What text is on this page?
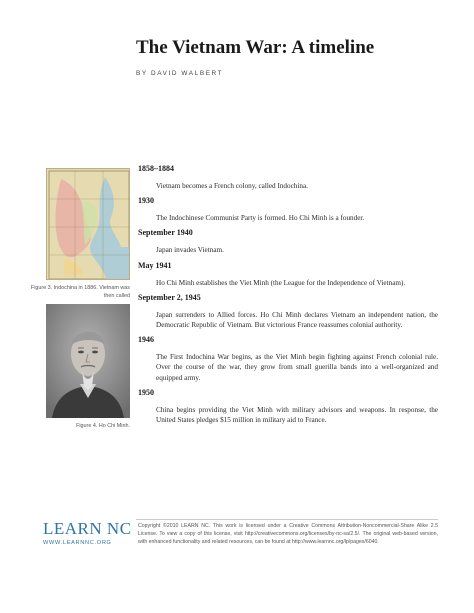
The Vietnam War: A timeline
BY DAVID WALBERT
Figure 3. Indochina in 1886. Vietnam was then called
Figure 4. Ho Chi Minh.
1858–1884
Vietnam becomes a French colony, called Indochina.
1930
The Indochinese Communist Party is formed. Ho Chi Minh is a founder.
September 1940
Japan invades Vietnam.
May 1941
Ho Chi Minh establishes the Viet Minh (the League for the Independence of Vietnam).
September 2, 1945
Japan surrenders to Allied forces. Ho Chi Minh declares Vietnam an independent nation, the Democratic Republic of Vietnam. But victorious France reassumes colonial authority.
1946
The First Indochina War begins, as the Viet Minh begin fighting against French colonial rule. Over the course of the war, they grow from small guerilla bands into a well-organized and equipped army.
1950
China begins providing the Viet Minh with military advisors and weapons. In response, the United States pledges $15 million in military aid to France.
LEARN NC
WWW.LEARNNC.ORG
Copyright ©2010 LEARN NC. This work is licensed under a Creative Commons Attribution-Noncommercial-Share Alike 2.5 License. To view a copy of this license, visit http://creativecommons.org/licenses/by-nc-sa/2.5/. The original web-based version, with enhanced functionality and related resources, can be found at http://www.learnnc.org/lp/pages/6040.
